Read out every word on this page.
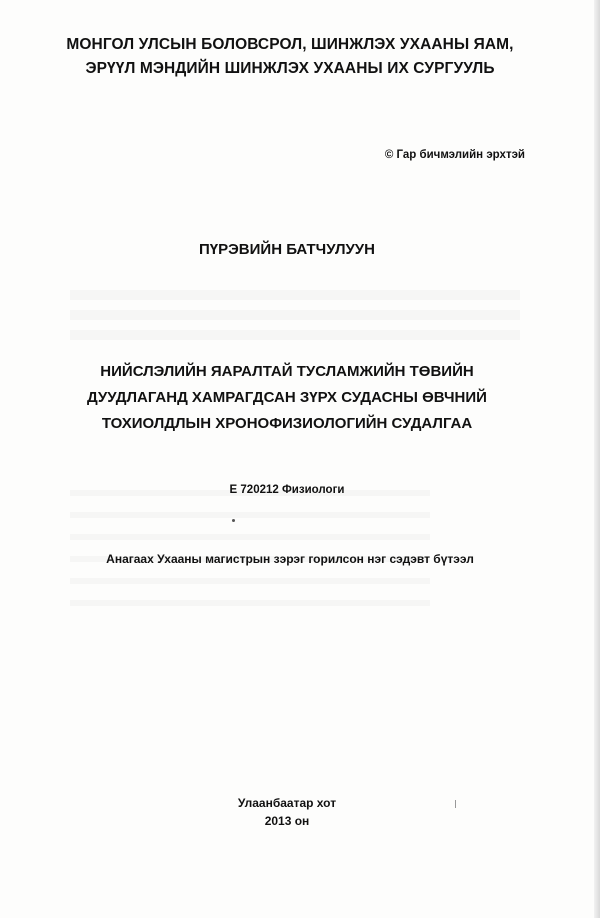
МОНГОЛ УЛСЫН БОЛОВСРОЛ, ШИНЖЛЭХ УХААНЫ ЯАМ,
ЭРҮҮЛ МЭНДИЙН ШИНЖЛЭХ УХААНЫ ИХ СУРГУУЛЬ
© Гар бичмэлийн эрхтэй
ПҮРЭВИЙН БАТЧУЛУУН
НИЙСЛЭЛИЙН ЯАРАЛТАЙ ТУСЛАМЖИЙН ТӨВИЙН
ДУУДЛАГАНД ХАМРАГДСАН ЗҮРХ СУДАСНЫ ӨВЧНИЙ
ТОХИОЛДЛЫН ХРОНОФИЗИОЛОГИЙН СУДАЛГАА
Е 720212 Физиологи
Анагаах Ухааны магистрын зэрэг горилсон нэг сэдэвт бүтээл
Улаанбаатар хот
2013 он
